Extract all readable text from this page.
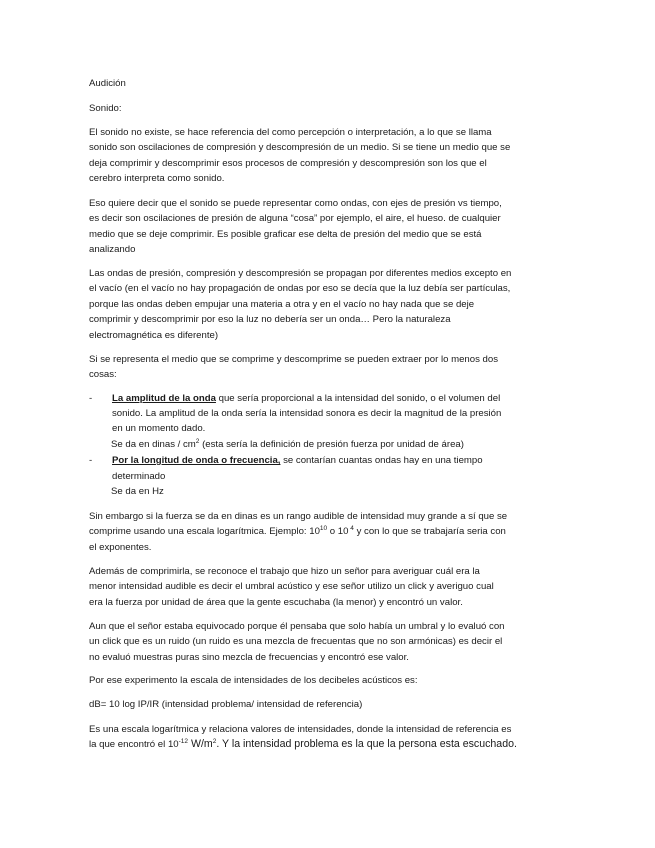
Audición
Sonido:
El sonido no existe, se hace referencia del como percepción o interpretación, a lo que se llama
sonido son oscilaciones de compresión y descompresión de un medio. Si se tiene un medio que se
deja comprimir y descomprimir esos procesos de compresión y descompresión son los que el
cerebro interpreta como sonido.
Eso quiere decir que el sonido se puede representar como ondas, con ejes de presión vs tiempo,
es decir son oscilaciones de presión de alguna “cosa” por ejemplo, el aire, el hueso. de cualquier
medio que se deje comprimir. Es posible graficar ese delta de presión del medio que se está
analizando
Las ondas de presión, compresión y descompresión se propagan por diferentes medios excepto en
el vacío (en el vacío no hay propagación de ondas por eso se decía que la luz debía ser partículas,
porque las ondas deben empujar una materia a otra y en el vacío no hay nada que se deje
comprimir y descomprimir por eso la luz no debería ser un onda… Pero la naturaleza
electromagnética es diferente)
Si se representa el medio que se comprime y descomprime se pueden extraer por lo menos dos
cosas:
- La amplitud de la onda que sería proporcional a la intensidad del sonido, o el volumen del
sonido. La amplitud de la onda sería la intensidad sonora es decir la magnitud de la presión
en un momento dado.
Se da en dinas / $cm^2$ (esta sería la definición de presión fuerza por unidad de área)
- Por la longitud de onda o frecuencia, se contarían cuantas ondas hay en una tiempo
determinado
Se da en Hz
Sin embargo si la fuerza se da en dinas es un rango audible de intensidad muy grande a sí que se
comprime usando una escala logarítmica. Ejemplo: $10^{10}$ o 10 $^4$ y con lo que se trabajaría seria con
el exponentes.
Además de comprimirla, se reconoce el trabajo que hizo un señor para averiguar cuál era la
menor intensidad audible es decir el umbral acústico y ese señor utilizo un click y averiguo cual
era la fuerza por unidad de área que la gente escuchaba (la menor) y encontró un valor.
Aun que el señor estaba equivocado porque él pensaba que solo había un umbral y lo evaluó con
un click que es un ruido (un ruido es una mezcla de frecuentas que no son armónicas) es decir el
no evaluó muestras puras sino mezcla de frecuencias y encontró ese valor.
Por ese experimento la escala de intensidades de los decibeles acústicos es:
dB= 10 log IP/IR (intensidad problema/ intensidad de referencia)
Es una escala logarítmica y relaciona valores de intensidades, donde la intensidad de referencia es
la que encontró el $10^{-12}$ $W/m^2$. Y la intensidad problema es la que la persona esta escuchado.
